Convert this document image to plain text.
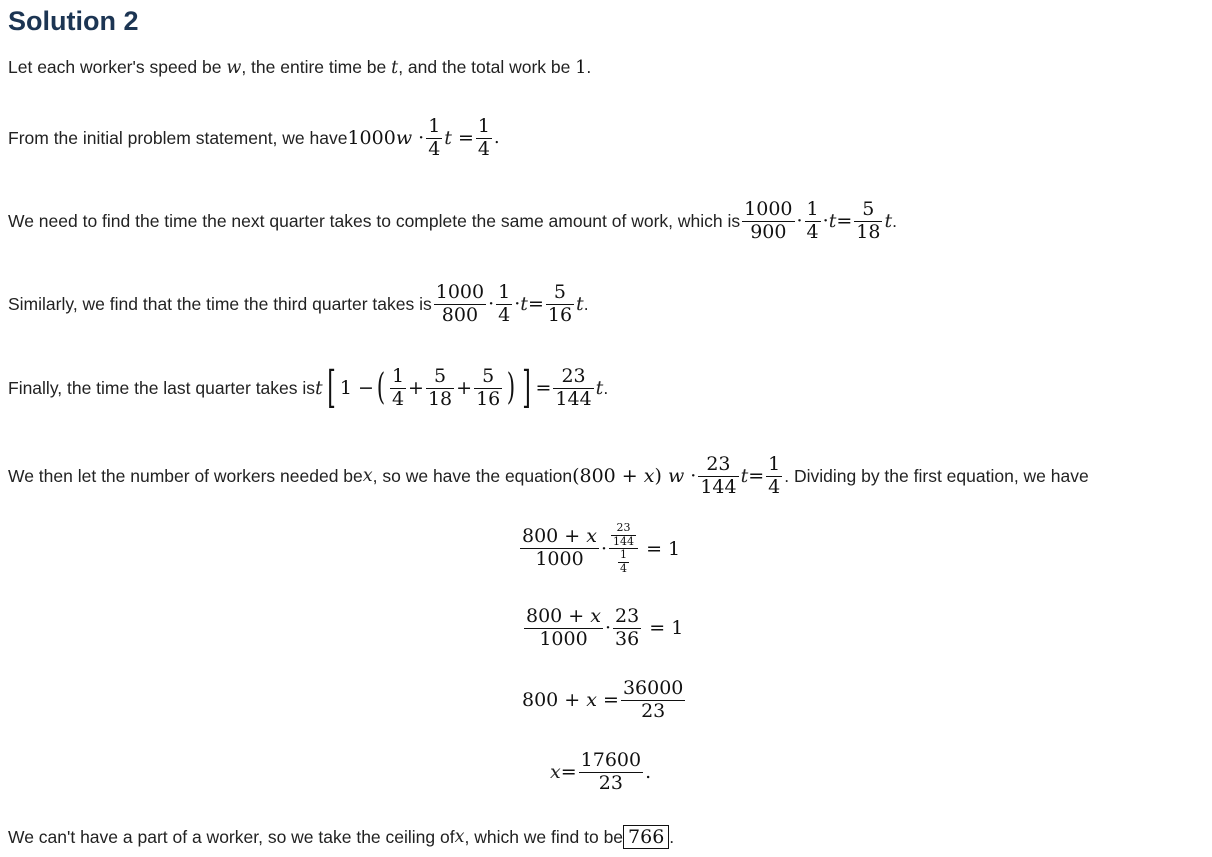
Solution 2
Let each worker's speed be w, the entire time be t, and the total work be 1.
From the initial problem statement, we have $1000w \cdot \frac{1}{4}$ $t = \frac{1}{4}$ .
We need to find the time the next quarter takes to complete the same amount of work, which is $\frac{1000}{900} \cdot \frac{1}{4} \cdot t = \frac{5}{18}$ t .
Similarly, we find that the time the third quarter takes is $\frac{1000}{800} \cdot \frac{1}{4} \cdot t = \frac{5}{16}$ t .
Finally, the time the last quarter takes is t [ 1 − ( $\frac{1}{4} + \frac{5}{18} + \frac{5}{16}$ ) ] = $\frac{23}{144}$ t .
We then let the number of workers needed be x , so we have the equation (800 + x) $w \cdot \frac{23}{144}$ $t = \frac{1}{4}$ . Dividing by the first equation, we have
$\frac{800 + x}{1000} \cdot \frac{\frac{23}{144}}{\frac{1}{4}} = 1$
$\frac{800 + x}{1000} \cdot \frac{23}{36} = 1$
$800 + x = \frac{36000}{23}$
$x = \frac{17600}{23}$ .
We can't have a part of a worker, so we take the ceiling of x , which we find to be 766 .
